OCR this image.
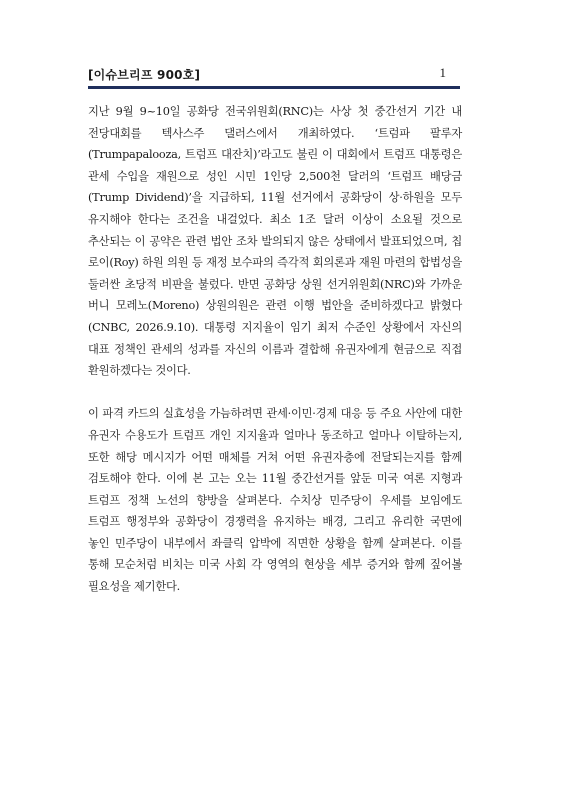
[이슈브리프 900호]	1

지난 9월 9~10일 공화당 전국위원회(RNC)는 사상 첫 중간선거 기간 내 전당대회를 텍사스주 댈러스에서 개최하였다. ‘트럼파 팔루자(Trumpapalooza, 트럼프 대잔치)’라고도 불린 이 대회에서 트럼프 대통령은 관세 수입을 재원으로 성인 시민 1인당 2,500천 달러의 ‘트럼프 배당금(Trump Dividend)’을 지급하되, 11월 선거에서 공화당이 상·하원을 모두 유지해야 한다는 조건을 내걸었다. 최소 1조 달러 이상이 소요될 것으로 추산되는 이 공약은 관련 법안 조차 발의되지 않은 상태에서 발표되었으며, 칩 로이(Roy) 하원 의원 등 재정 보수파의 즉각적 회의론과 재원 마련의 합법성을 둘러싼 초당적 비판을 불렀다. 반면 공화당 상원 선거위원회(NRC)와 가까운 버니 모레노(Moreno) 상원의원은 관련 이행 법안을 준비하겠다고 밝혔다(CNBC, 2026.9.10). 대통령 지지율이 임기 최저 수준인 상황에서 자신의 대표 정책인 관세의 성과를 자신의 이름과 결합해 유권자에게 현금으로 직접 환원하겠다는 것이다.

이 파격 카드의 실효성을 가늠하려면 관세·이민·경제 대응 등 주요 사안에 대한 유권자 수용도가 트럼프 개인 지지율과 얼마나 동조하고 얼마나 이탈하는지, 또한 해당 메시지가 어떤 매체를 거쳐 어떤 유권자층에 전달되는지를 함께 검토해야 한다. 이에 본 고는 오는 11월 중간선거를 앞둔 미국 여론 지형과 트럼프 정책 노선의 향방을 살펴본다. 수치상 민주당이 우세를 보임에도 트럼프 행정부와 공화당이 경쟁력을 유지하는 배경, 그리고 유리한 국면에 놓인 민주당이 내부에서 좌클릭 압박에 직면한 상황을 함께 살펴본다. 이를 통해 모순처럼 비치는 미국 사회 각 영역의 현상을 세부 증거와 함께 짚어볼 필요성을 제기한다.
